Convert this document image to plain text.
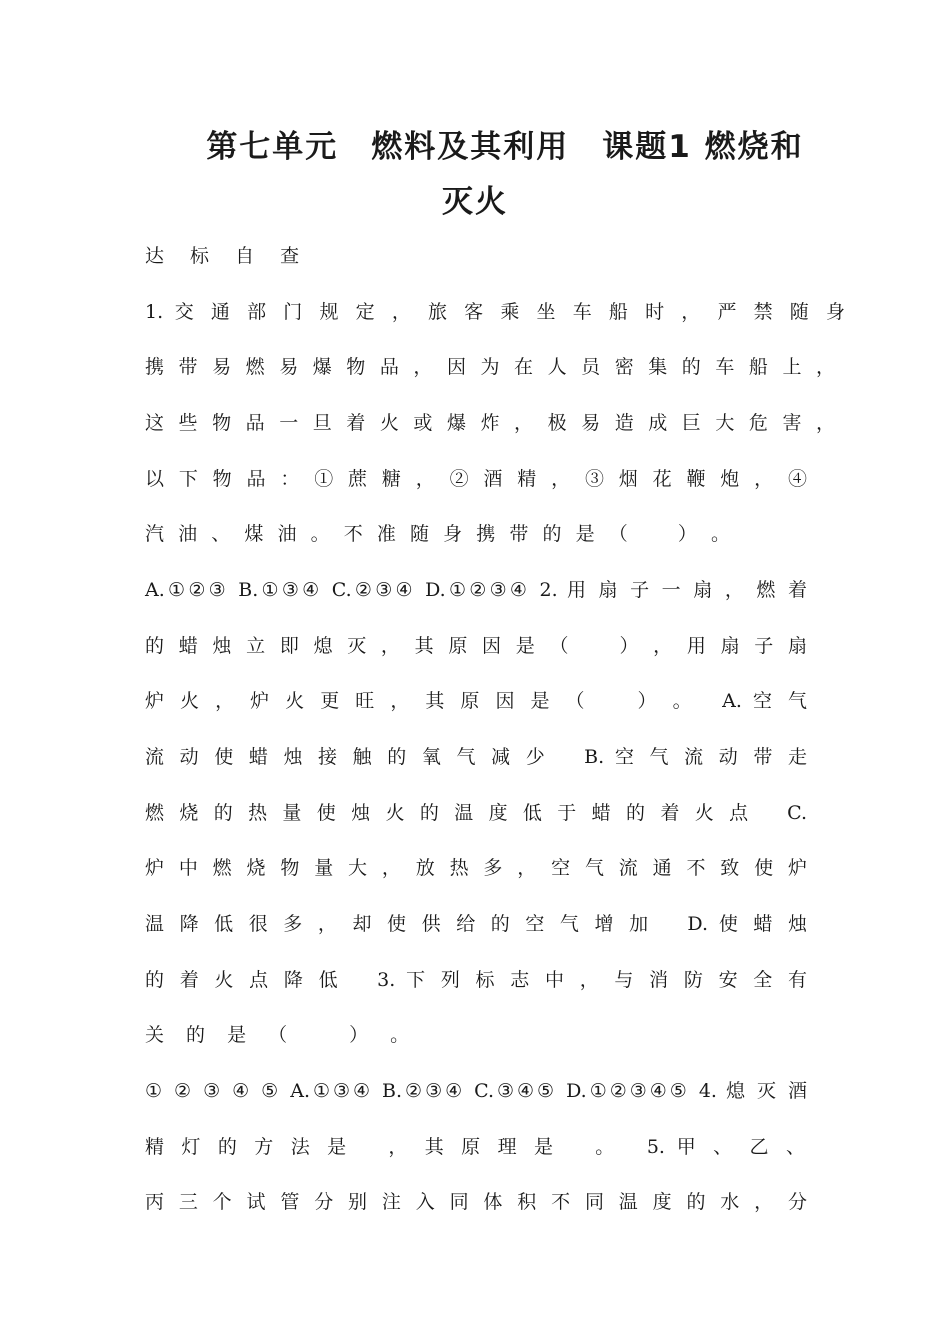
第七单元　燃料及其利用　课题1 燃烧和
灭火

达 标 自 查

1. 交 通 部 门 规 定 ， 旅 客 乘 坐 车 船 时 ， 严 禁 随 身

携 带 易 燃 易 爆 物 品 ， 因 为 在 人 员 密 集 的 车 船 上 ，

这 些 物 品 一 旦 着 火 或 爆 炸 ， 极 易 造 成 巨 大 危 害 ，

以 下 物 品 ： ① 蔗 糖 ， ② 酒 精 ， ③ 烟 花 鞭 炮 ， ④

汽 油 、 煤 油 。 不 准 随 身 携 带 的 是 （　　） 。

A.①②③ B.①③④ C.②③④ D.①②③④ 2. 用 扇 子 一 扇 ， 燃 着

的 蜡 烛 立 即 熄 灭 ， 其 原 因 是 （　　） ， 用 扇 子 扇

炉 火 ， 炉 火 更 旺 ， 其 原 因 是 （　　） 。　 A. 空 气

流 动 使 蜡 烛 接 触 的 氧 气 减 少　 B. 空 气 流 动 带 走

燃 烧 的 热 量 使 烛 火 的 温 度 低 于 蜡 的 着 火 点　 C.

炉 中 燃 烧 物 量 大 ， 放 热 多 ， 空 气 流 通 不 致 使 炉

温 降 低 很 多 ， 却 使 供 给 的 空 气 增 加　 D. 使 蜡 烛

的 着 火 点 降 低　 3. 下 列 标 志 中 ， 与 消 防 安 全 有

关 的 是 （　　） 。

① ② ③ ④ ⑤ A.①③④ B.②③④ C.③④⑤ D.①②③④⑤ 4. 熄 灭 酒

精 灯 的 方 法 是　 ， 其 原 理 是　 。　 5. 甲 、 乙 、

丙 三 个 试 管 分 别 注 入 同 体 积 不 同 温 度 的 水 ， 分
